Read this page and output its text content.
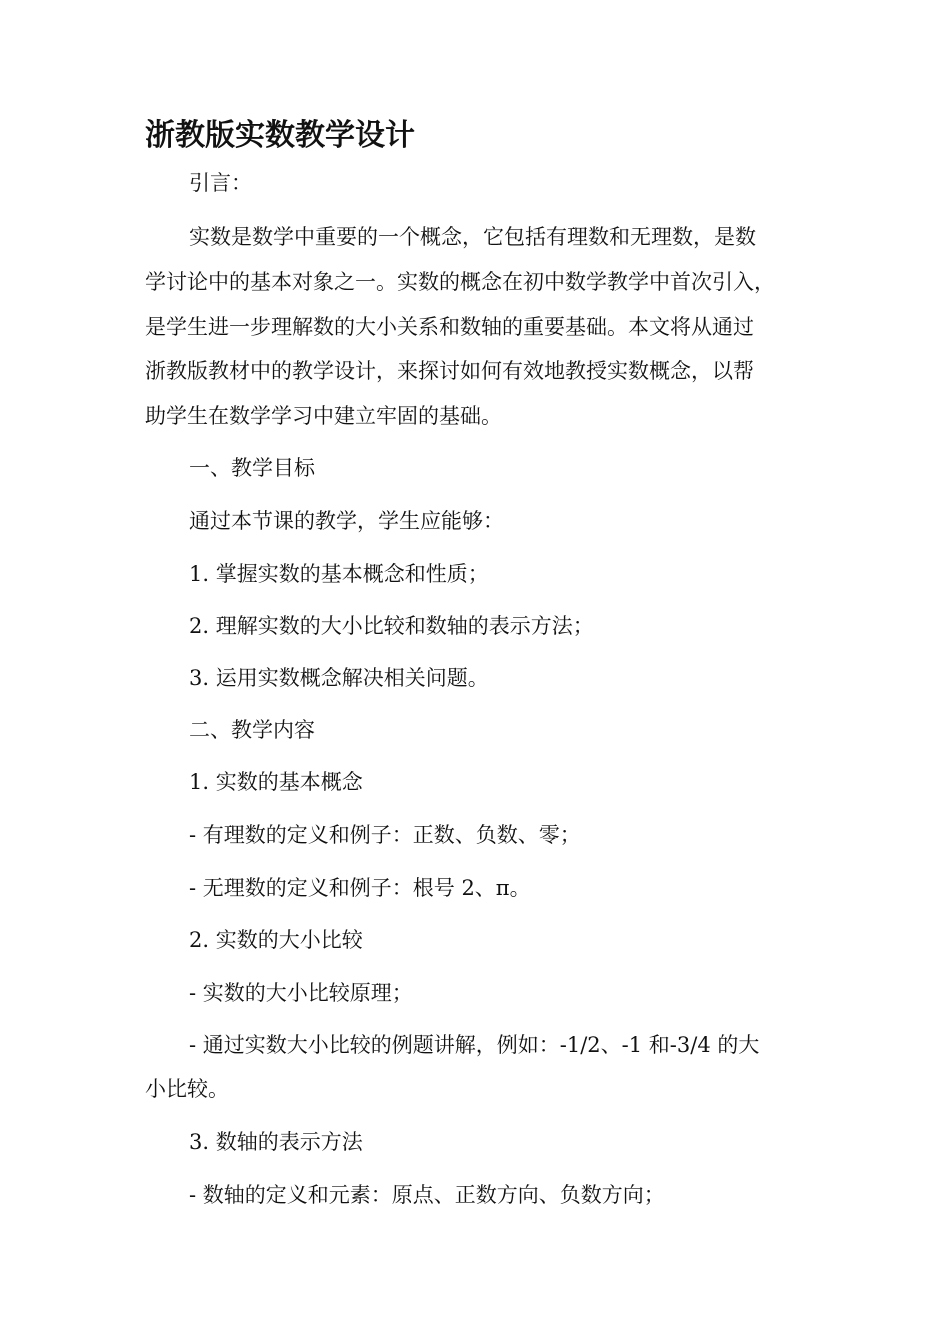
浙教版实数教学设计
引言：
实数是数学中重要的一个概念，它包括有理数和无理数，是数
学讨论中的基本对象之一。实数的概念在初中数学教学中首次引入，
是学生进一步理解数的大小关系和数轴的重要基础。本文将从通过
浙教版教材中的教学设计，来探讨如何有效地教授实数概念，以帮
助学生在数学学习中建立牢固的基础。
一、教学目标
通过本节课的教学，学生应能够：
1. 掌握实数的基本概念和性质；
2. 理解实数的大小比较和数轴的表示方法；
3. 运用实数概念解决相关问题。
二、教学内容
1. 实数的基本概念
- 有理数的定义和例子：正数、负数、零；
- 无理数的定义和例子：根号 2、π。
2. 实数的大小比较
- 实数的大小比较原理；
- 通过实数大小比较的例题讲解，例如：-1/2、-1 和-3/4 的大
小比较。
3. 数轴的表示方法
- 数轴的定义和元素：原点、正数方向、负数方向；
